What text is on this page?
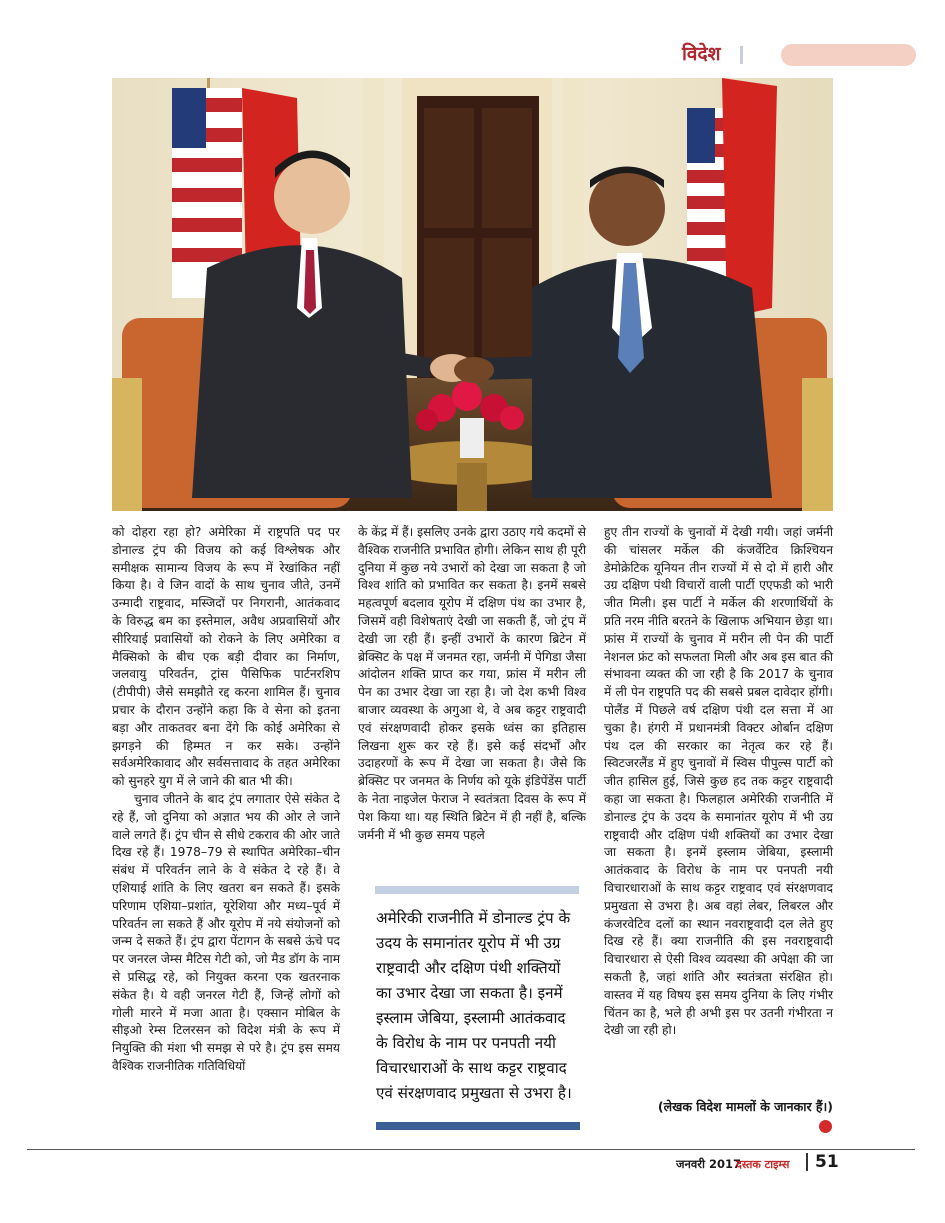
विदेश

को दोहरा रहा हो? अमेरिका में राष्ट्रपति पद पर डोनाल्ड ट्रंप की विजय को कई विश्लेषक और समीक्षक सामान्य विजय के रूप में रेखांकित नहीं किया है। वे जिन वादों के साथ चुनाव जीते, उनमें उन्मादी राष्ट्रवाद, मस्जिदों पर निगरानी, आतंकवाद के विरुद्ध बम का इस्तेमाल, अवैध अप्रवासियों और सीरियाई प्रवासियों को रोकने के लिए अमेरिका व मैक्सिको के बीच एक बड़ी दीवार का निर्माण, जलवायु परिवर्तन, ट्रांस पैसिफिक पार्टनरशिप (टीपीपी) जैसे समझौते रद्द करना शामिल हैं। चुनाव प्रचार के दौरान उन्होंने कहा कि वे सेना को इतना बड़ा और ताकतवर बना देंगे कि कोई अमेरिका से झगड़ने की हिम्मत न कर सके। उन्होंने सर्वअमेरिकावाद और सर्वसत्तावाद के तहत अमेरिका को सुनहरे युग में ले जाने की बात भी की।

चुनाव जीतने के बाद ट्रंप लगातार ऐसे संकेत दे रहे हैं, जो दुनिया को अज्ञात भय की ओर ले जाने वाले लगते हैं। ट्रंप चीन से सीधे टकराव की ओर जाते दिख रहे हैं। 1978–79 से स्थापित अमेरिका–चीन संबंध में परिवर्तन लाने के वे संकेत दे रहे हैं। वे एशियाई शांति के लिए खतरा बन सकते हैं। इसके परिणाम एशिया–प्रशांत, यूरेशिया और मध्य–पूर्व में परिवर्तन ला सकते हैं और यूरोप में नये संयोजनों को जन्म दे सकते हैं। ट्रंप द्वारा पेंटागन के सबसे ऊंचे पद पर जनरल जेम्स मैटिस गेटी को, जो मैड डॉग के नाम से प्रसिद्ध रहे, को नियुक्त करना एक खतरनाक संकेत है। ये वही जनरल गेटी हैं, जिन्हें लोगों को गोली मारने में मजा आता है। एक्सान मोबिल के सीइओ रेम्स टिलरसन को विदेश मंत्री के रूप में नियुक्ति की मंशा भी समझ से परे है। ट्रंप इस समय वैश्विक राजनीतिक गतिविधियों

के केंद्र में हैं। इसलिए उनके द्वारा उठाए गये कदमों से वैश्विक राजनीति प्रभावित होगी। लेकिन साथ ही पूरी दुनिया में कुछ नये उभारों को देखा जा सकता है जो विश्व शांति को प्रभावित कर सकता है। इनमें सबसे महत्वपूर्ण बदलाव यूरोप में दक्षिण पंथ का उभार है, जिसमें वही विशेषताएं देखी जा सकती हैं, जो ट्रंप में देखी जा रही हैं। इन्हीं उभारों के कारण ब्रिटेन में ब्रेक्सिट के पक्ष में जनमत रहा, जर्मनी में पेगिडा जैसा आंदोलन शक्ति प्राप्त कर गया, फ्रांस में मरीन ली पेन का उभार देखा जा रहा है। जो देश कभी विश्व बाजार व्यवस्था के अगुआ थे, वे अब कट्टर राष्ट्रवादी एवं संरक्षणवादी होकर इसके ध्वंस का इतिहास लिखना शुरू कर रहे हैं। इसे कई संदर्भों और उदाहरणों के रूप में देखा जा सकता है। जैसे कि ब्रेक्सिट पर जनमत के निर्णय को यूके इंडिपेंडेंस पार्टी के नेता नाइजेल फेराज ने स्वतंत्रता दिवस के रूप में पेश किया था। यह स्थिति ब्रिटेन में ही नहीं है, बल्कि जर्मनी में भी कुछ समय पहले

अमेरिकी राजनीति में डोनाल्ड ट्रंप के उदय के समानांतर यूरोप में भी उग्र राष्ट्रवादी और दक्षिण पंथी शक्तियों का उभार देखा जा सकता है। इनमें इस्लाम जेबिया, इस्लामी आतंकवाद के विरोध के नाम पर पनपती नयी विचारधाराओं के साथ कट्टर राष्ट्रवाद एवं संरक्षणवाद प्रमुखता से उभरा है।

हुए तीन राज्यों के चुनावों में देखी गयी। जहां जर्मनी की चांसलर मर्केल की कंजर्वेटिव क्रिश्चियन डेमोक्रेटिक यूनियन तीन राज्यों में से दो में हारी और उग्र दक्षिण पंथी विचारों वाली पार्टी एएफडी को भारी जीत मिली। इस पार्टी ने मर्केल की शरणार्थियों के प्रति नरम नीति बरतने के खिलाफ अभियान छेड़ा था। फ्रांस में राज्यों के चुनाव में मरीन ली पेन की पार्टी नेशनल फ्रंट को सफलता मिली और अब इस बात की संभावना व्यक्त की जा रही है कि 2017 के चुनाव में ली पेन राष्ट्रपति पद की सबसे प्रबल दावेदार होंगी। पोलैंड में पिछले वर्ष दक्षिण पंथी दल सत्ता में आ चुका है। हंगरी में प्रधानमंत्री विक्टर ओर्बान दक्षिण पंथ दल की सरकार का नेतृत्व कर रहे हैं। स्विटजरलैंड में हुए चुनावों में स्विस पीपुल्स पार्टी को जीत हासिल हुई, जिसे कुछ हद तक कट्टर राष्ट्रवादी कहा जा सकता है। फिलहाल अमेरिकी राजनीति में डोनाल्ड ट्रंप के उदय के समानांतर यूरोप में भी उग्र राष्ट्रवादी और दक्षिण पंथी शक्तियों का उभार देखा जा सकता है। इनमें इस्लाम जेबिया, इस्लामी आतंकवाद के विरोध के नाम पर पनपती नयी विचारधाराओं के साथ कट्टर राष्ट्रवाद एवं संरक्षणवाद प्रमुखता से उभरा है। अब वहां लेबर, लिबरल और कंजरवेटिव दलों का स्थान नवराष्ट्रवादी दल लेते हुए दिख रहे हैं। क्या राजनीति की इस नवराष्ट्रवादी विचारधारा से ऐसी विश्व व्यवस्था की अपेक्षा की जा सकती है, जहां शांति और स्वतंत्रता संरक्षित हो। वास्तव में यह विषय इस समय दुनिया के लिए गंभीर चिंतन का है, भले ही अभी इस पर उतनी गंभीरता न देखी जा रही हो।

(लेखक विदेश मामलों के जानकार हैं।)

जनवरी 2017
दस्तक टाइम्स 51
